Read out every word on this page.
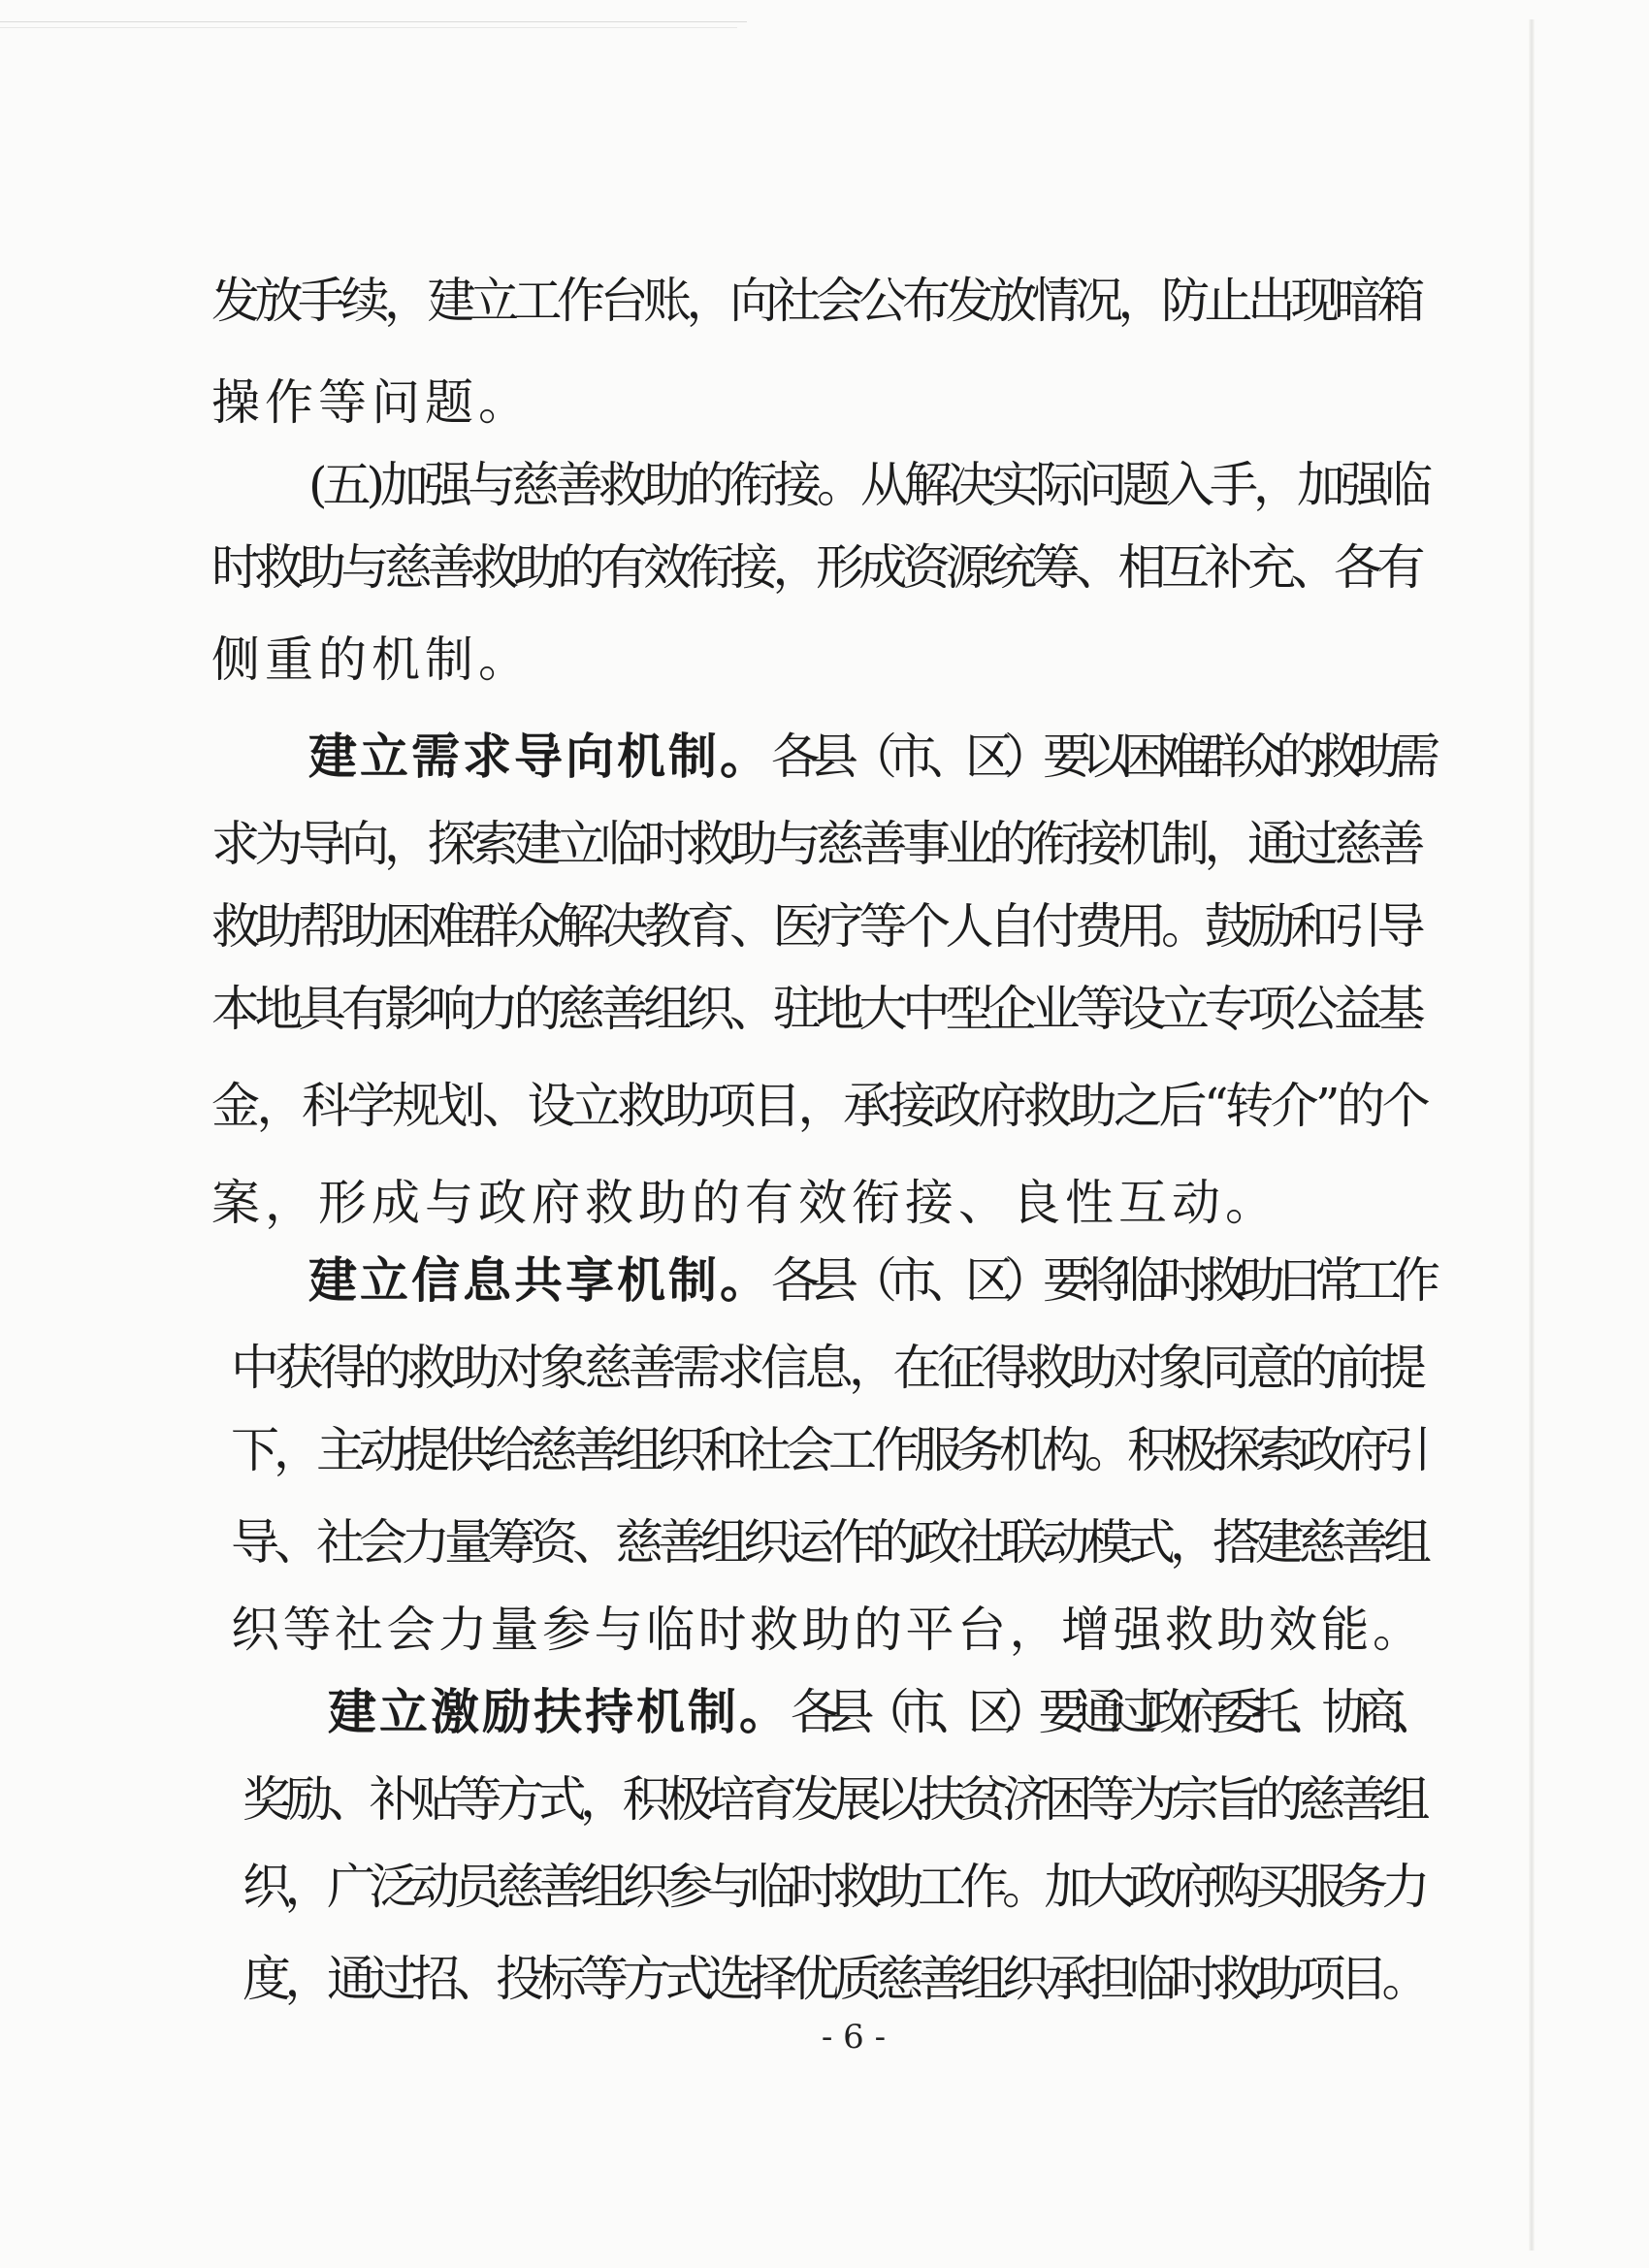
发放手续，建立工作台账，向社会公布发放情况，防止出现暗箱
操作等问题。
(五)加强与慈善救助的衔接。从解决实际问题入手，加强临
时救助与慈善救助的有效衔接，形成资源统筹、相互补充、各有
侧重的机制。
建立需求导向机制。各县（市、区）要以困难群众的救助需
求为导向，探索建立临时救助与慈善事业的衔接机制，通过慈善
救助帮助困难群众解决教育、医疗等个人自付费用。鼓励和引导
本地具有影响力的慈善组织、驻地大中型企业等设立专项公益基
金，科学规划、设立救助项目，承接政府救助之后“转介”的个
案，形成与政府救助的有效衔接、良性互动。
建立信息共享机制。各县（市、区）要将临时救助日常工作
中获得的救助对象慈善需求信息，在征得救助对象同意的前提
下，主动提供给慈善组织和社会工作服务机构。积极探索政府引
导、社会力量筹资、慈善组织运作的政社联动模式，搭建慈善组
织等社会力量参与临时救助的平台，增强救助效能。
建立激励扶持机制。各县（市、区）要通过政府委托、协商、
奖励、补贴等方式，积极培育发展以扶贫济困等为宗旨的慈善组
织，广泛动员慈善组织参与临时救助工作。加大政府购买服务力
度，通过招、投标等方式选择优质慈善组织承担临时救助项目。
- 6 -
